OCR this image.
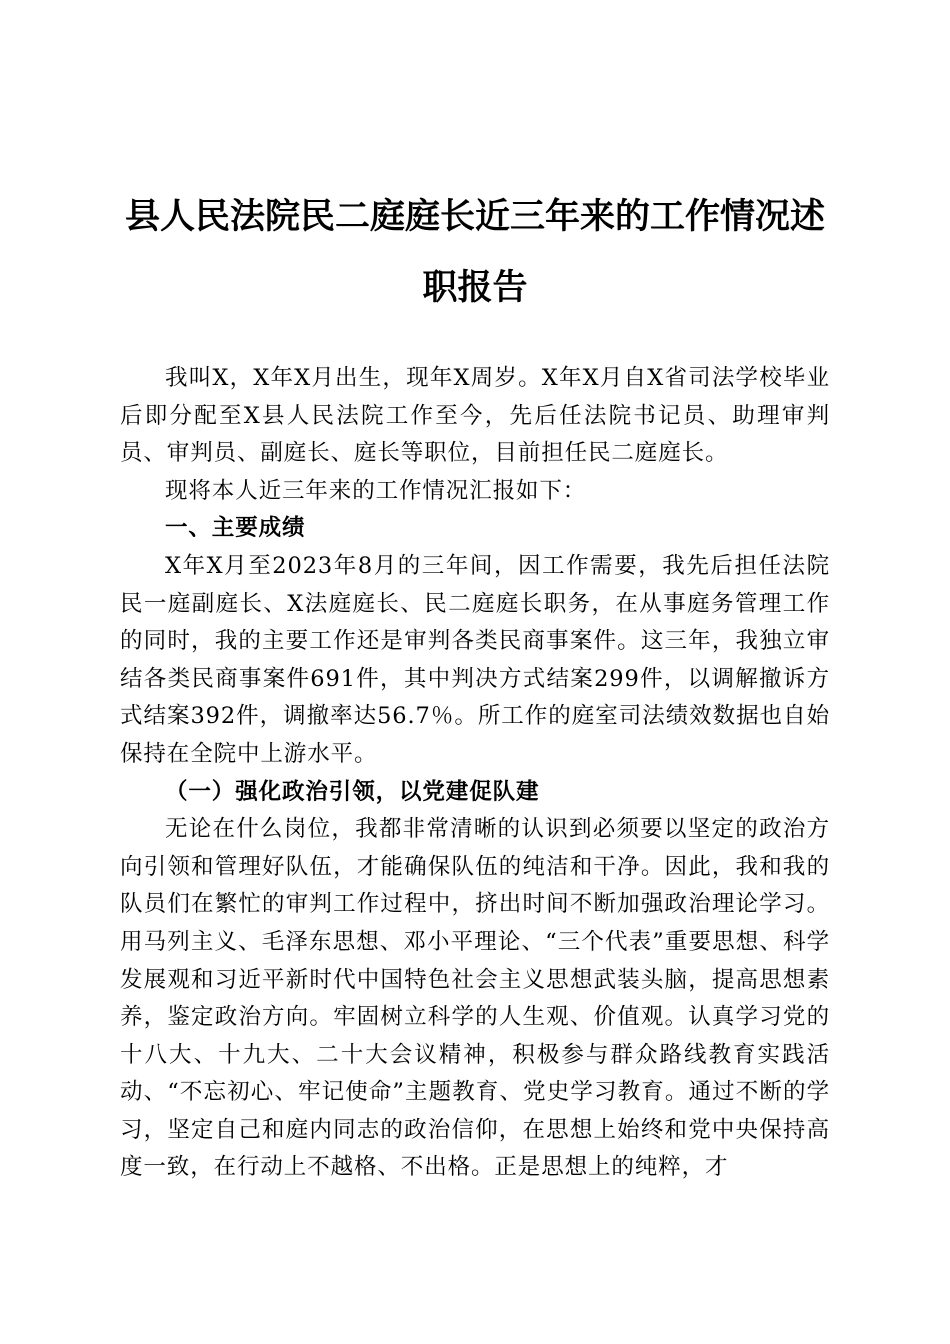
县人民法院民二庭庭长近三年来的工作情况述
职报告

我叫X，X年X月出生，现年X周岁。X年X月自X省司法学校毕业后即分配至X县人民法院工作至今，先后任法院书记员、助理审判员、审判员、副庭长、庭长等职位，目前担任民二庭庭长。

现将本人近三年来的工作情况汇报如下：

一、主要成绩

X年X月至2023年8月的三年间，因工作需要，我先后担任法院民一庭副庭长、X法庭庭长、民二庭庭长职务，在从事庭务管理工作的同时，我的主要工作还是审判各类民商事案件。这三年，我独立审结各类民商事案件691件，其中判决方式结案299件，以调解撤诉方式结案392件，调撤率达56.7％。所工作的庭室司法绩效数据也自始保持在全院中上游水平。

（一）强化政治引领，以党建促队建

无论在什么岗位，我都非常清晰的认识到必须要以坚定的政治方向引领和管理好队伍，才能确保队伍的纯洁和干净。因此，我和我的队员们在繁忙的审判工作过程中，挤出时间不断加强政治理论学习。用马列主义、毛泽东思想、邓小平理论、“三个代表”重要思想、科学发展观和习近平新时代中国特色社会主义思想武装头脑，提高思想素养，鉴定政治方向。牢固树立科学的人生观、价值观。认真学习党的十八大、十九大、二十大会议精神，积极参与群众路线教育实践活动、“不忘初心、牢记使命”主题教育、党史学习教育。通过不断的学习，坚定自己和庭内同志的政治信仰，在思想上始终和党中央保持高度一致，在行动上不越格、不出格。正是思想上的纯粹，才
